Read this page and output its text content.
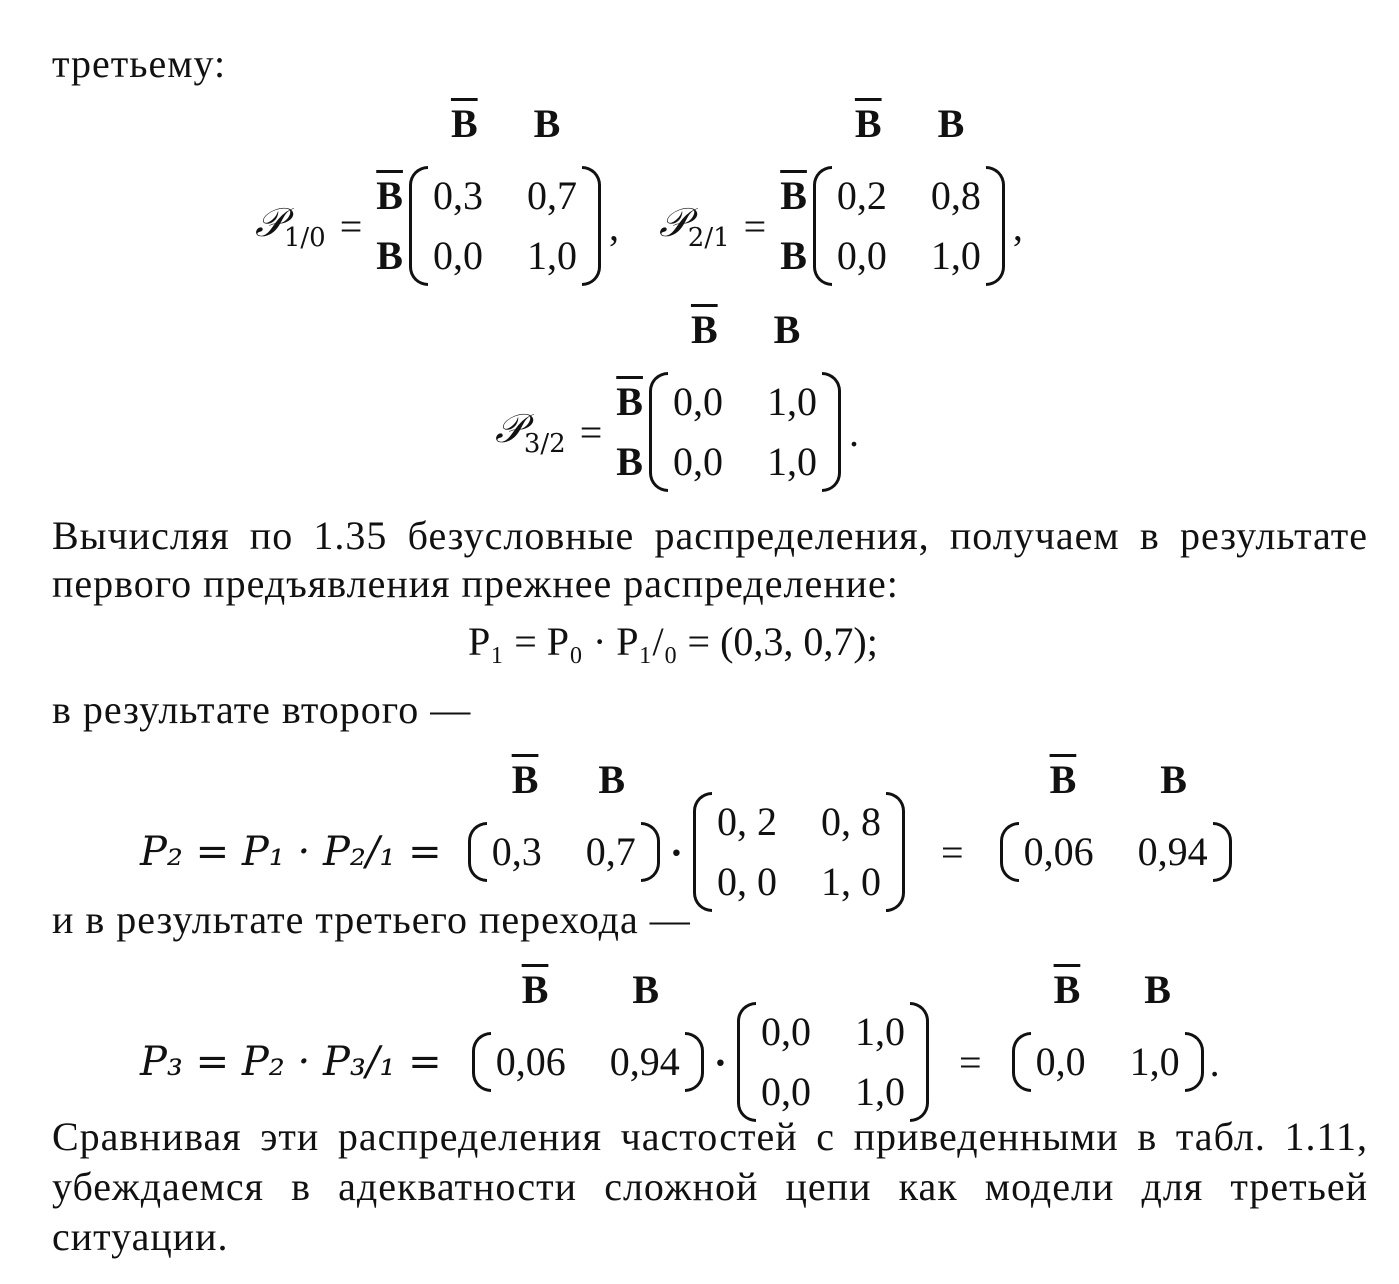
третьему:
𝒫$_{1/0}$ =
$\overline{B}$
B
$\overline{B}$ B
0,3 0,7
0,0 1,0
, 𝒫$_{2/1}$ =
$\overline{B}$
B
$\overline{B}$ B
0,2 0,8
0,0 1,0
,
𝒫$_{3/2}$ =
$\overline{B}$
B
$\overline{B}$ B
0,0 1,0
0,0 1,0
.
Вычисляя по 1.35 безусловные распределения, получаем в результате первого предъявления прежнее распределение:
P₁ = P₀ · P₁/₀ = (0,3, 0,7);
в результате второго —
P₂ = P₁ · P₂/₁ =
$\overline{B}$ B
0,3 0,7 ·
0, 2 0, 8
0, 0 1, 0
=
$\overline{B}$ B
0,06 0,94
и в результате третьего перехода —
P₃ = P₂ · P₃/₁ =
$\overline{B}$ B
0,06 0,94 ·
0,0 1,0
0,0 1,0
=
$\overline{B}$ B
0,0 1,0 .
Сравнивая эти распределения частостей с приведенными в табл. 1.11, убеждаемся в адекватности сложной цепи как модели для третьей ситуации.
